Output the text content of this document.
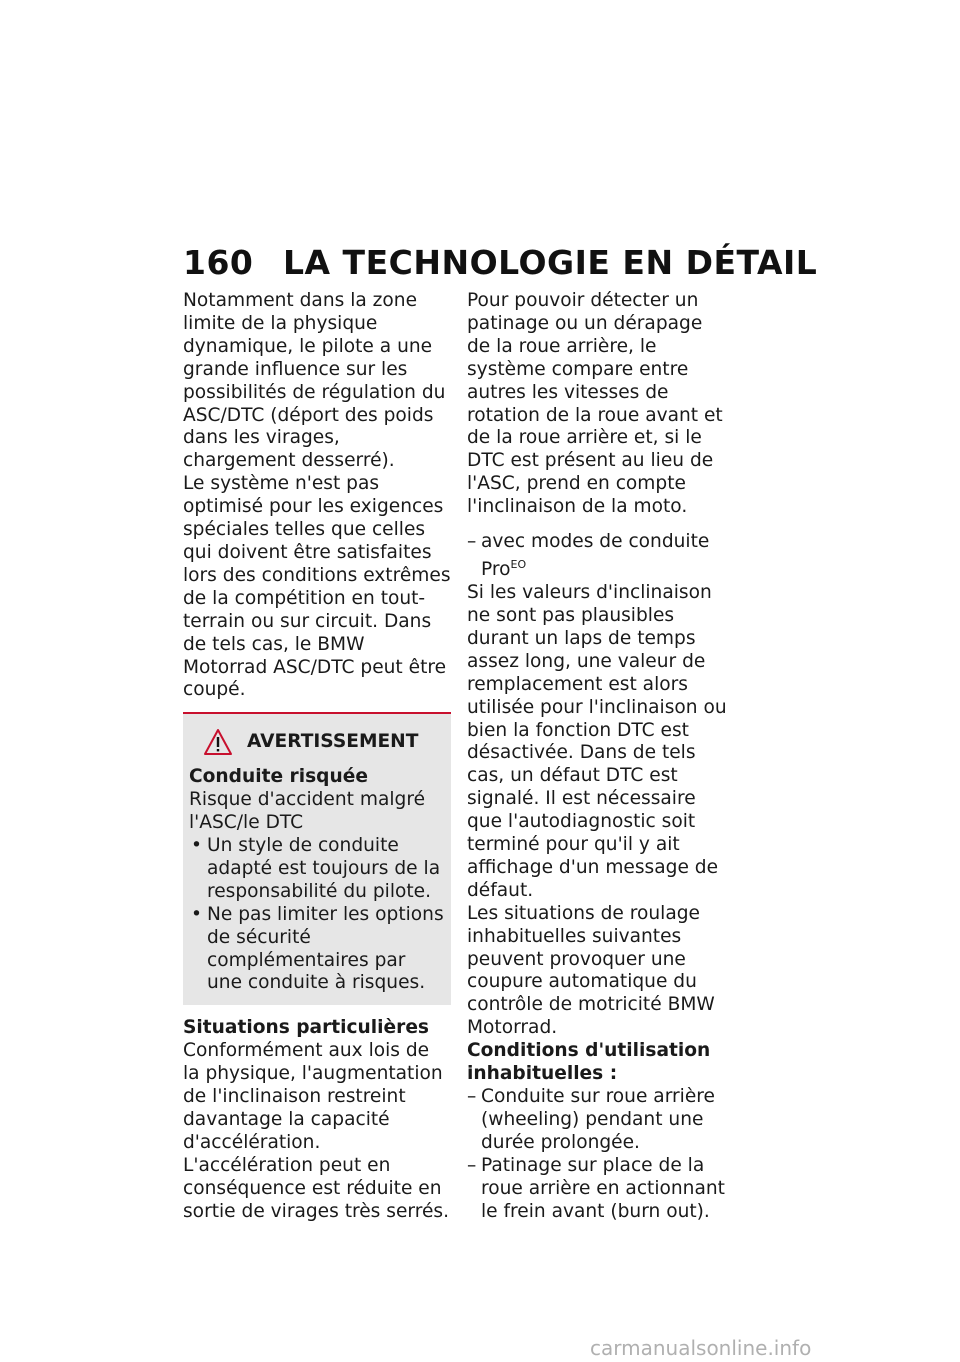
160 LA TECHNOLOGIE EN DÉTAIL

Notamment dans la zone limite de la physique dynamique, le pilote a une grande influence sur les possibilités de régulation du ASC/DTC (déport des poids dans les virages, chargement desserré).

Le système n'est pas optimisé pour les exigences spéciales telles que celles qui doivent être satisfaites lors des conditions extrêmes de la compétition en tout-terrain ou sur circuit. Dans de tels cas, le BMW Motorrad ASC/DTC peut être coupé.

AVERTISSEMENT

Conduite risquée

Risque d'accident malgré l'ASC/le DTC

• Un style de conduite adapté est toujours de la responsabilité du pilote.
• Ne pas limiter les options de sécurité complémentaires par une conduite à risques.

Situations particulières

Conformément aux lois de la physique, l'augmentation de l'inclinaison restreint davantage la capacité d'accélération. L'accélération peut en conséquence est réduite en sortie de virages très serrés.

Pour pouvoir détecter un patinage ou un dérapage de la roue arrière, le système compare entre autres les vitesses de rotation de la roue avant et de la roue arrière et, si le DTC est présent au lieu de l'ASC, prend en compte l'inclinaison de la moto.

– avec modes de conduite Pro$^{EO}$

Si les valeurs d'inclinaison ne sont pas plausibles durant un laps de temps assez long, une valeur de remplacement est alors utilisée pour l'inclinaison ou bien la fonction DTC est désactivée. Dans de tels cas, un défaut DTC est signalé. Il est nécessaire que l'autodiagnostic soit terminé pour qu'il y ait affichage d'un message de défaut.

Les situations de roulage inhabituelles suivantes peuvent provoquer une coupure automatique du contrôle de motricité BMW Motorrad.

Conditions d'utilisation inhabituelles :

– Conduite sur roue arrière (wheeling) pendant une durée prolongée.
– Patinage sur place de la roue arrière en actionnant le frein avant (burn out).
carmanualsonline.info
